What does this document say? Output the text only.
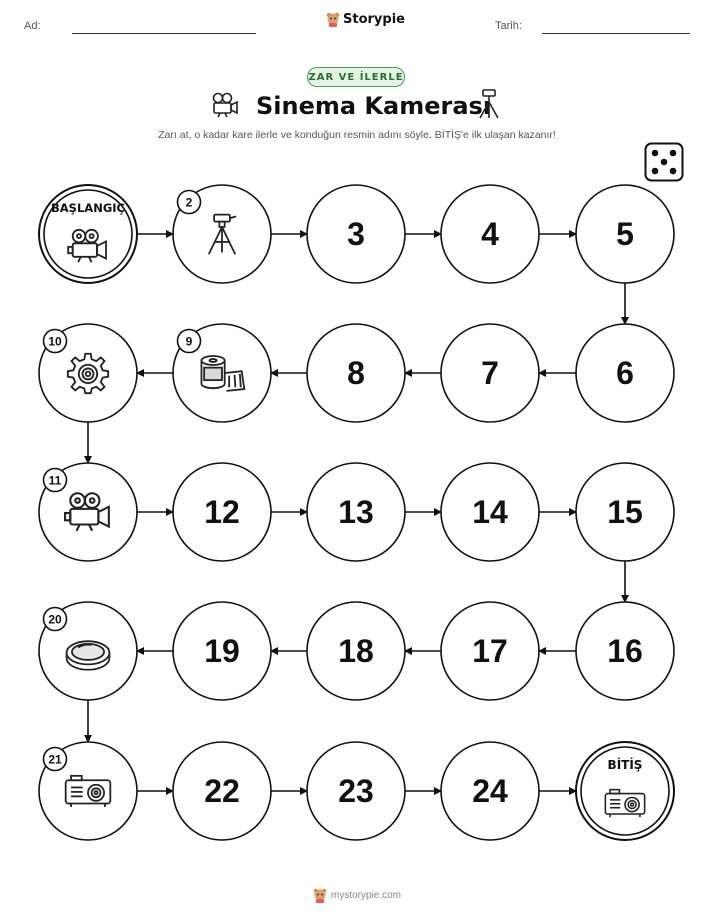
Ad:	Storypie	Tarih:
ZAR VE İLERLE
Sinema Kamerası
Zarı at, o kadar kare ilerle ve konduğun resmin adını söyle. BİTİŞ'e ilk ulaşan kazanır!
BAŞLANGIÇ	2
3	4	5
6
7
8
9
10
11
12	13	14	15
16
17
18
19
20
21
22	23	24
BİTİŞ
mystorypie.com
